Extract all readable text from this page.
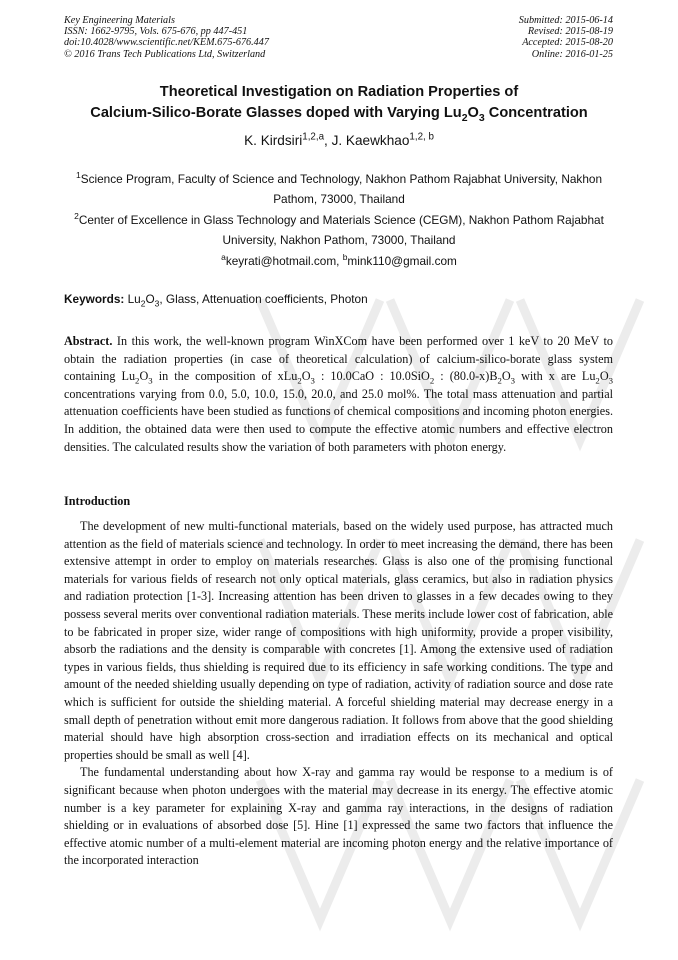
Key Engineering Materials
ISSN: 1662-9795, Vols. 675-676, pp 447-451
doi:10.4028/www.scientific.net/KEM.675-676.447
© 2016 Trans Tech Publications Ltd, Switzerland
Submitted: 2015-06-14
Revised: 2015-08-19
Accepted: 2015-08-20
Online: 2016-01-25
Theoretical Investigation on Radiation Properties of
Calcium-Silico-Borate Glasses doped with Varying $Lu_2O_3$ Concentration
K. Kirdsiri$^{1,2,a}$, J. Kaewkhao$^{1,2, b}$
$^1$Science Program, Faculty of Science and Technology, Nakhon Pathom Rajabhat University, Nakhon Pathom, 73000, Thailand
$^2$Center of Excellence in Glass Technology and Materials Science (CEGM), Nakhon Pathom Rajabhat University, Nakhon Pathom, 73000, Thailand
$^a$keyrati@hotmail.com, $^b$mink110@gmail.com
Keywords: $Lu_2O_3$, Glass, Attenuation coefficients, Photon
Abstract. In this work, the well-known program WinXCom have been performed over 1 keV to 20 MeV to obtain the radiation properties (in case of theoretical calculation) of calcium-silico-borate glass system containing $Lu_2O_3$ in the composition of $xLu_2O_3$ : 10.0CaO : 10.0SiO$_2$ : $(80.0-x)B_2O_3$ with x are $Lu_2O_3$ concentrations varying from 0.0, 5.0, 10.0, 15.0, 20.0, and 25.0 mol%. The total mass attenuation and partial attenuation coefficients have been studied as functions of chemical compositions and incoming photon energies. In addition, the obtained data were then used to compute the effective atomic numbers and effective electron densities. The calculated results show the variation of both parameters with photon energy.
Introduction

The development of new multi-functional materials, based on the widely used purpose, has attracted much attention as the field of materials science and technology. In order to meet increasing the demand, there has been extensive attempt in order to employ on materials researches. Glass is also one of the promising functional materials for various fields of research not only optical materials, glass ceramics, but also in radiation physics and radiation protection [1-3]. Increasing attention has been driven to glasses in a few decades owing to they possess several merits over conventional radiation materials. These merits include lower cost of fabrication, able to be fabricated in proper size, wider range of compositions with high uniformity, provide a proper visibility, absorb the radiations and the density is comparable with concretes [1]. Among the extensive used of radiation types in various fields, thus shielding is required due to its efficiency in safe working conditions. The type and amount of the needed shielding usually depending on type of radiation, activity of radiation source and dose rate which is sufficient for outside the shielding material. A forceful shielding material may decrease energy in a small depth of penetration without emit more dangerous radiation. It follows from above that the good shielding material should have high absorption cross-section and irradiation effects on its mechanical and optical properties should be small as well [4].

The fundamental understanding about how X-ray and gamma ray would be response to a medium is of significant because when photon undergoes with the material may decrease in its energy. The effective atomic number is a key parameter for explaining X-ray and gamma ray interactions, in the designs of radiation shielding or in evaluations of absorbed dose [5]. Hine [1] expressed the same two factors that influence the effective atomic number of a multi-element material are incoming photon energy and the relative importance of the incorporated interaction
